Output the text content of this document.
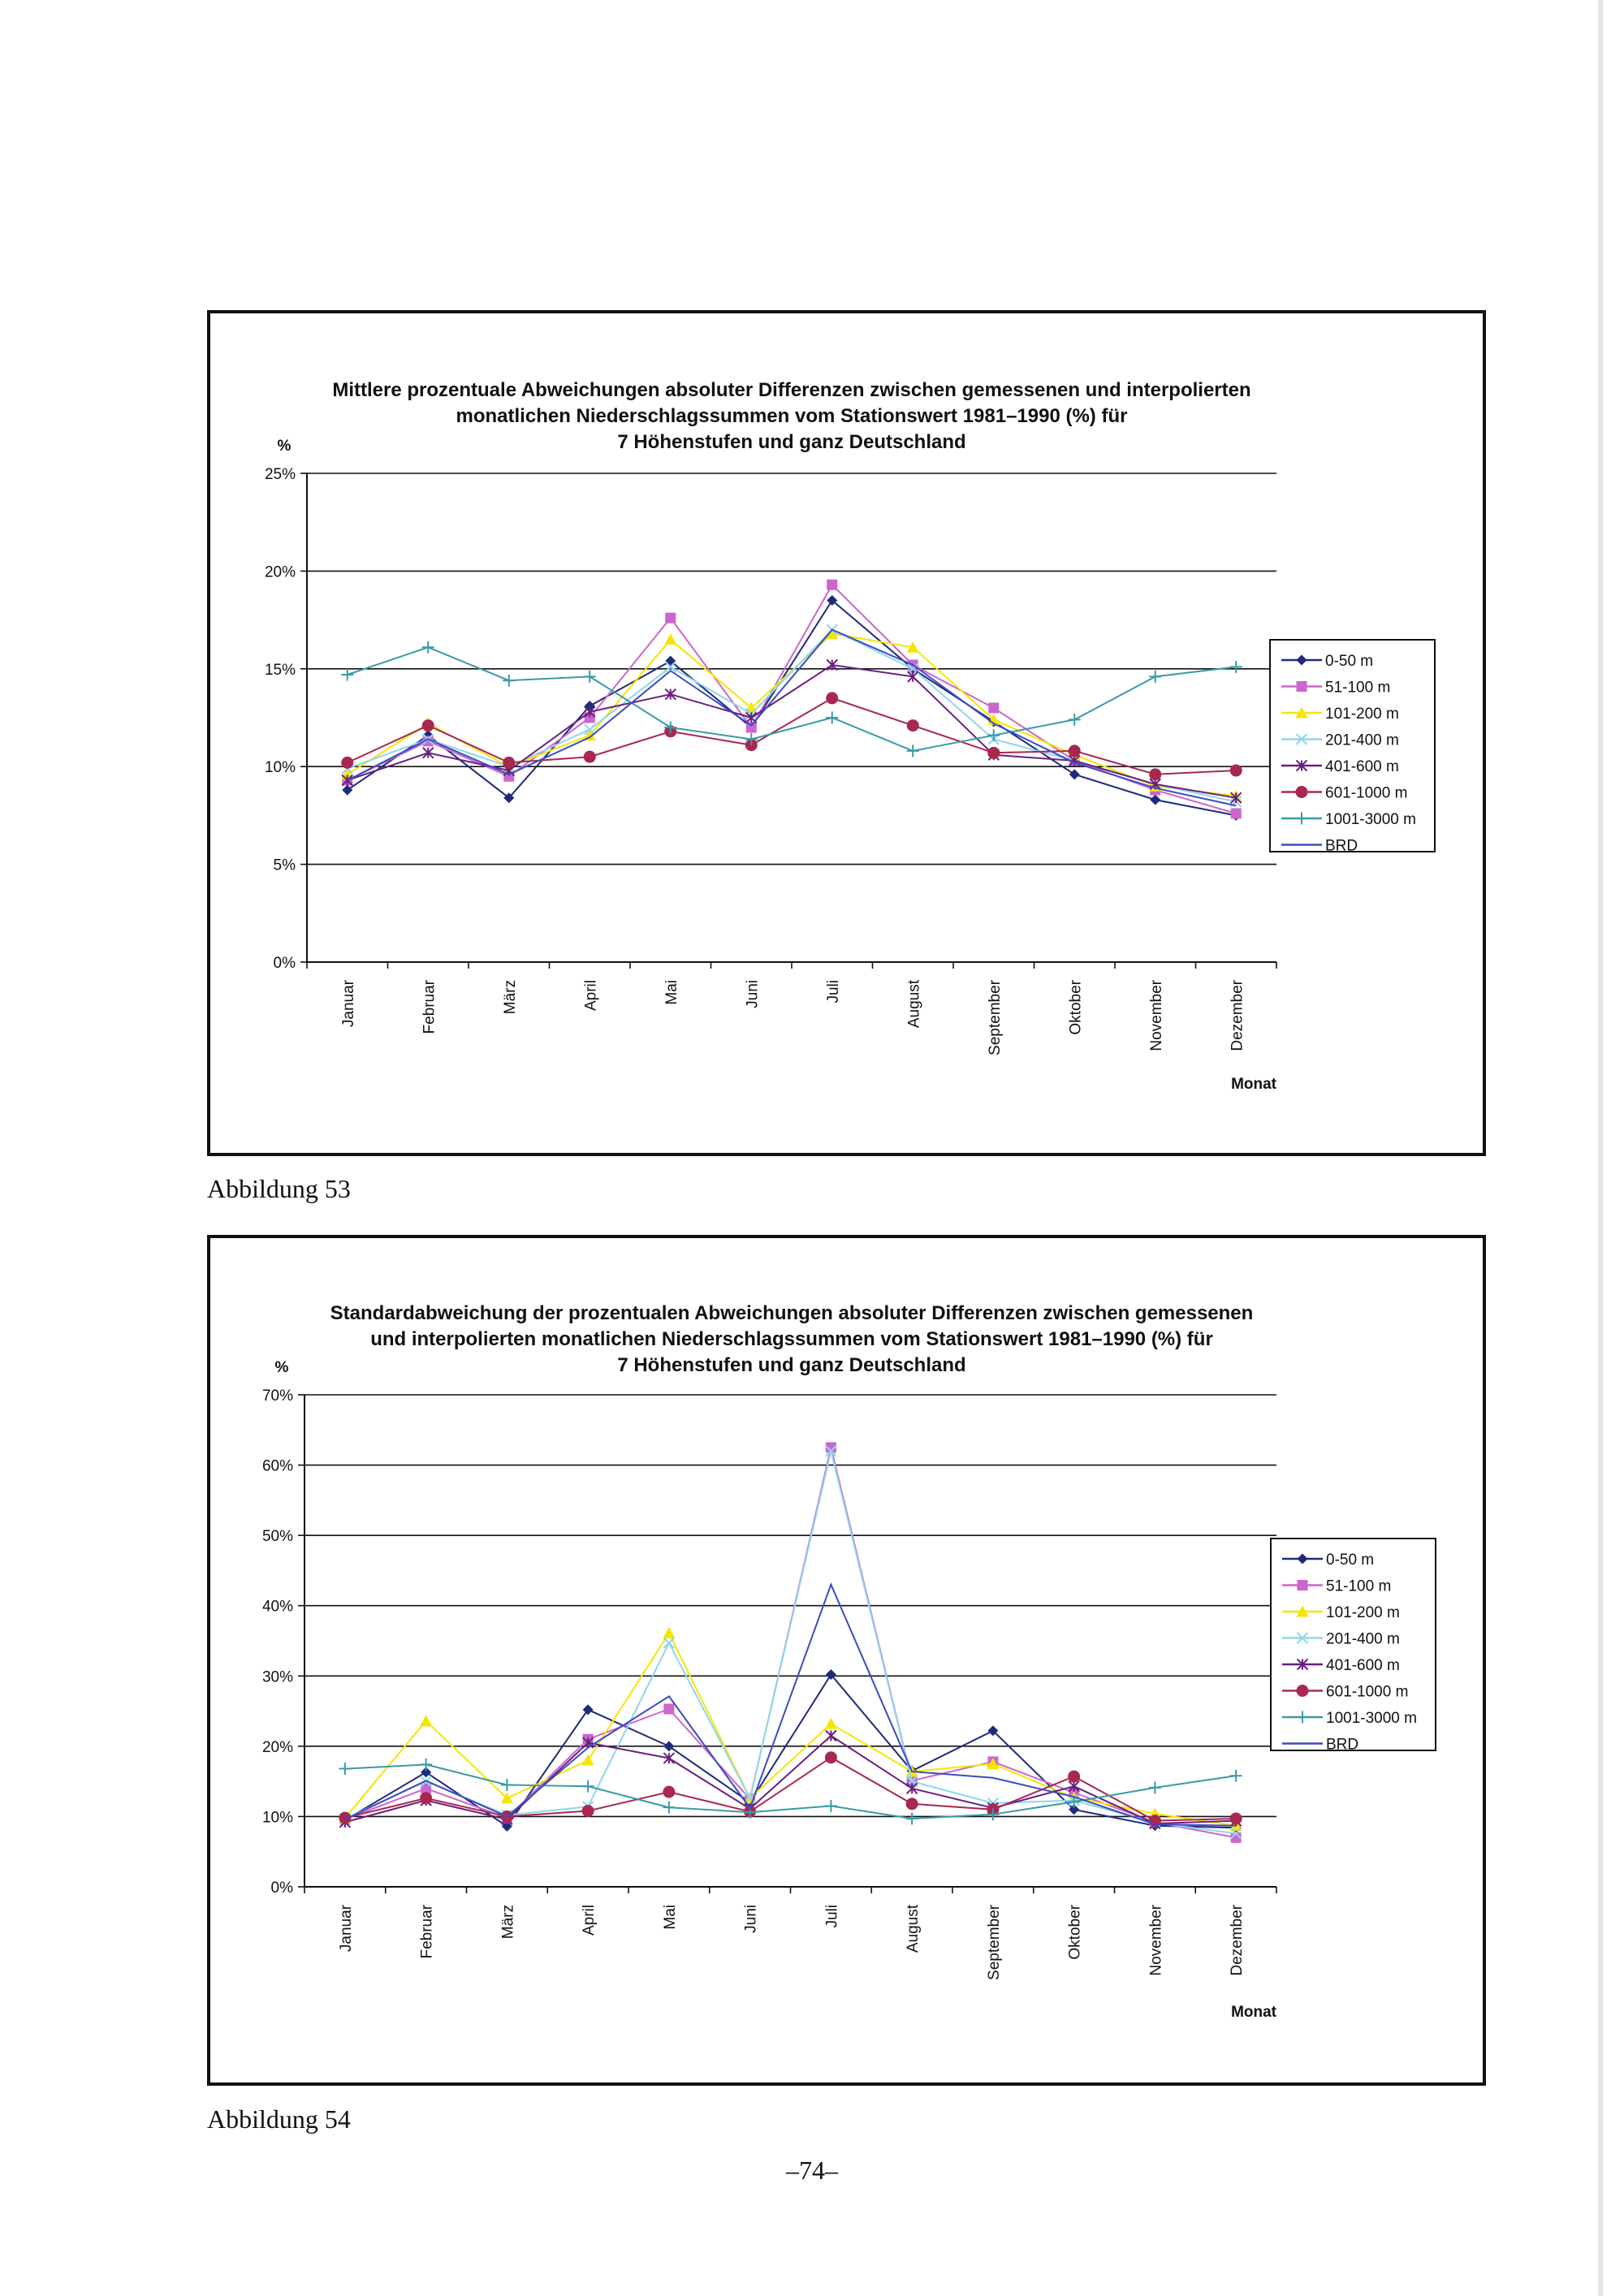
Mittlere prozentuale Abweichungen absoluter Differenzen zwischen gemessenen und interpolierten
monatlichen Niederschlagssummen vom Stationswert 1981–1990 (%) für
7 Höhenstufen und ganz Deutschland
%
0%
5%
10%
15%
20%
25%
Januar	Februar	März	April	Mai	Juni	Juli	August	September	Oktober	November	Dezember
Monat
0-50 m
51-100 m
101-200 m
201-400 m
401-600 m
601-1000 m
1001-3000 m
BRD
Abbildung 53
Standardabweichung der prozentualen Abweichungen absoluter Differenzen zwischen gemessenen
und interpolierten monatlichen Niederschlagssummen vom Stationswert 1981–1990 (%) für
7 Höhenstufen und ganz Deutschland
%
0%
10%
20%
30%
40%
50%
60%
70%
Januar	Februar	März	April	Mai	Juni	Juli	August	September	Oktober	November	Dezember
Monat
0-50 m
51-100 m
101-200 m
201-400 m
401-600 m
601-1000 m
1001-3000 m
BRD
Abbildung 54
–74–
